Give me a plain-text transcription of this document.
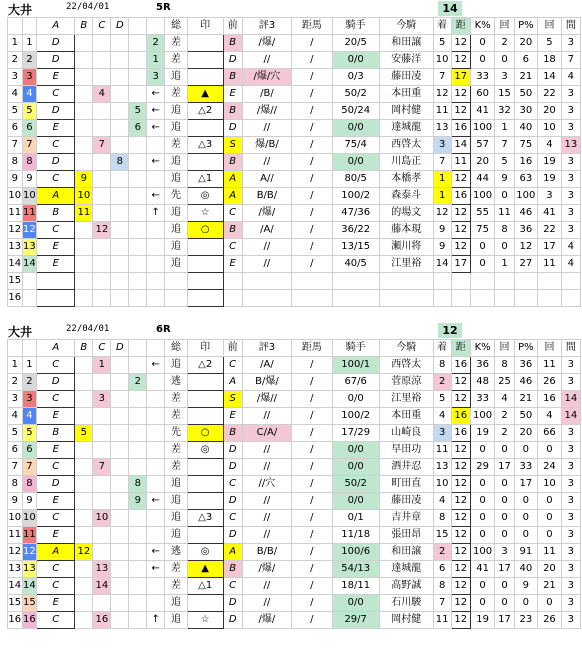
大井	22/04/01	5R	14
		A	B	C	D			総	印	前	評3	距馬	騎手	今騎	着	距	K%	回	P%	回	間
1	1	D					2	差		B	/爆/	/	20/5	和田譲	5	12	0	2	20	5	3
2	2	D					1	差		D	//	/	0/0	安藤洋	10	12	0	0	6	18	7
3	3	E					3	追		B	/爆/穴	/	0/3	藤田凌	7	17	33	3	21	14	4
4	4	C		4			←	差	▲	E	/B/	/	50/2	本田重	12	12	60	15	50	22	3
5	5	D				5	←	追	△2	B	/爆//	/	50/24	岡村健	11	12	41	32	30	20	3
6	6	E				6	←	追		D	//	/	0/0	達城龍	13	16	100	1	40	10	3
7	7	C		7				差	△3	S	爆/B/	/	75/4	西啓太	3	14	57	7	75	4	13
8	8	D			8		←	追		B	//	/	0/0	川島正	7	11	20	5	16	19	3
9	9	C	9					追	△1	A	A//	/	80/5	本橋孝	1	12	44	9	63	19	3
10	10	A	10				←	先	◎	A	B/B/	/	100/2	森泰斗	1	16	100	0	100	3	3
11	11	B	11				↑	追	☆	C	/爆/	/	47/36	的場文	12	12	55	11	46	41	3
12	12	C		12				追	○	B	/A/	/	36/22	藤本現	9	12	75	8	36	22	3
13	13	E						追		C	//	/	13/15	瀬川将	9	12	0	0	12	17	4
14	14	E						追		E	//	/	40/5	江里裕	14	17	0	1	27	11	4
15																					
16																					
大井	22/04/01	6R	12
		A	B	C	D			総	印	前	評3	距馬	騎手	今騎	着	距	K%	回	P%	回	間
1	1	C		1			←	追	△2	C	/A/	/	100/1	西啓太	8	16	36	8	36	11	3
2	2	D				2		逃		A	B/爆/	/	67/6	菅原涼	2	12	48	25	46	26	3
3	3	C		3				差		S	/爆//	/	0/0	江里裕	5	12	33	4	21	16	14
4	4	E						差		E	//	/	100/2	本田重	4	16	100	2	50	4	14
5	5	B	5					先	○	B	C/A/	/	17/29	山崎良	3	16	19	2	20	66	3
6	6	E						差	◎	D	//	/	0/0	早田功	11	12	0	0	0	0	3
7	7	C		7				差		D	//	/	0/0	酒井忍	13	12	29	17	33	24	3
8	8	D				8		追		C	//穴	/	50/2	町田直	10	12	0	0	17	10	3
9	9	E				9	←	追		D	//	/	0/0	藤田凌	4	12	0	0	0	0	3
10	10	C		10				追	△3	C	//	/	0/1	吉井章	8	12	0	0	0	0	3
11	11	E						追		D	//	/	11/18	張田昂	15	12	0	0	0	0	3
12	12	A	12				←	逃	◎	A	B/B/	/	100/6	和田譲	2	12	100	3	91	11	3
13	13	C		13			←	差	▲	B	/爆/	/	54/13	達城龍	6	12	41	17	40	20	3
14	14	C		14				差	△1	C	//	/	18/11	高野誠	8	12	0	0	9	21	3
15	15	E						追		D	//	/	0/0	石川駿	7	12	0	0	0	0	3
16	16	C		16			↑	追	☆	D	/爆/	/	29/7	岡村健	11	12	19	17	23	26	3
